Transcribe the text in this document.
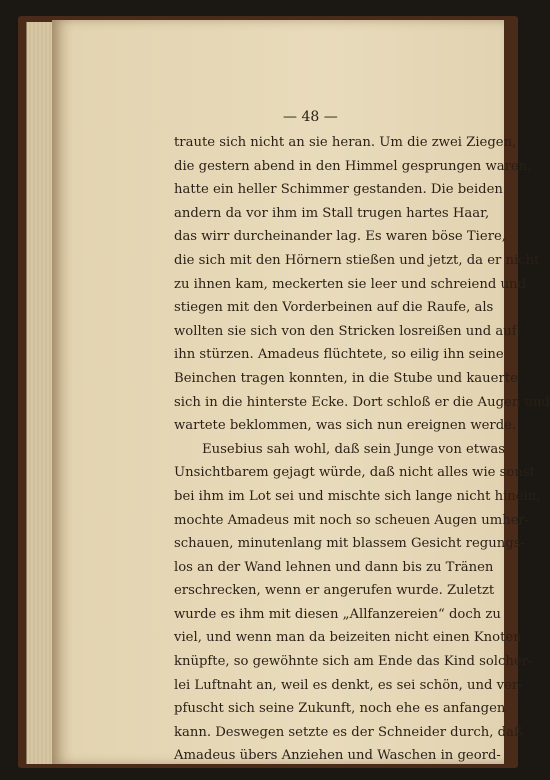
— 48 —
traute sich nicht an sie heran. Um die zwei Ziegen,
die gestern abend in den Himmel gesprungen waren,
hatte ein heller Schimmer gestanden. Die beiden
andern da vor ihm im Stall trugen hartes Haar,
das wirr durcheinander lag. Es waren böse Tiere,
die sich mit den Hörnern stießen und jetzt, da er nicht
zu ihnen kam, meckerten sie leer und schreiend und
stiegen mit den Vorderbeinen auf die Raufe, als
wollten sie sich von den Stricken losreißen und auf
ihn stürzen. Amadeus flüchtete, so eilig ihn seine
Beinchen tragen konnten, in die Stube und kauerte
sich in die hinterste Ecke. Dort schloß er die Augen und
wartete beklommen, was sich nun ereignen werde.
Eusebius sah wohl, daß sein Junge von etwas
Unsichtbarem gejagt würde, daß nicht alles wie sonst
bei ihm im Lot sei und mischte sich lange nicht hinein,
mochte Amadeus mit noch so scheuen Augen umher-
schauen, minutenlang mit blassem Gesicht regungs-
los an der Wand lehnen und dann bis zu Tränen
erschrecken, wenn er angerufen wurde. Zuletzt
wurde es ihm mit diesen „Allfanzereien“ doch zu
viel, und wenn man da beizeiten nicht einen Knoten
knüpfte, so gewöhnte sich am Ende das Kind solcher-
lei Luftnaht an, weil es denkt, es sei schön, und ver-
pfuscht sich seine Zukunft, noch ehe es anfangen
kann. Deswegen setzte es der Schneider durch, daß
Amadeus übers Anziehen und Waschen in geord-
